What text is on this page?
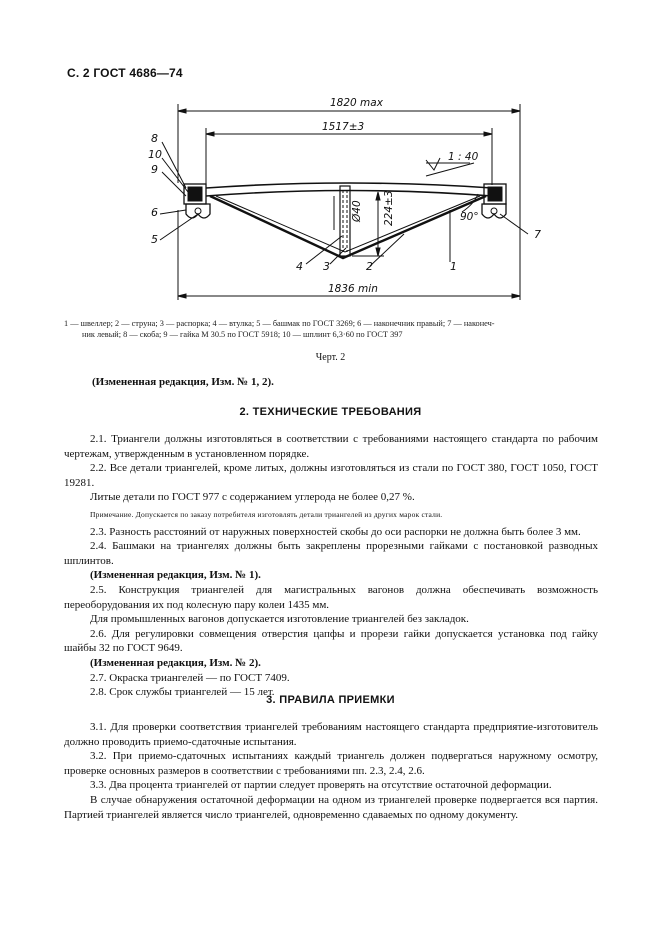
С. 2 ГОСТ 4686—74
1820 max
1517±3
1836 min
1 : 40
Ø40 224±3	90°
8
10
9
6
5
4 3	2	1
7
1 — швеллер; 2 — струна; 3 — распорка; 4 — втулка; 5 — башмак по ГОСТ 3269; 6 — наконечник правый; 7 — наконеч-
ник левый; 8 — скоба; 9 — гайка М 30.5 по ГОСТ 5918; 10 — шплинт 6,3·60 по ГОСТ 397
Черт. 2
(Измененная редакция, Изм. № 1, 2).
2. ТЕХНИЧЕСКИЕ ТРЕБОВАНИЯ

2.1. Триангели должны изготовляться в соответствии с требованиями настоящего стандарта по рабочим чертежам, утвержденным в установленном порядке.

2.2. Все детали триангелей, кроме литых, должны изготовляться из стали по ГОСТ 380, ГОСТ 1050, ГОСТ 19281.

Литые детали по ГОСТ 977 с содержанием углерода не более 0,27 %.

Примечание. Допускается по заказу потребителя изготовлять детали триангелей из других марок стали.

2.3. Разность расстояний от наружных поверхностей скобы до оси распорки не должна быть более 3 мм.

2.4. Башмаки на триангелях должны быть закреплены прорезными гайками с постановкой разводных шплинтов.

(Измененная редакция, Изм. № 1).

2.5. Конструкция триангелей для магистральных вагонов должна обеспечивать возможность переоборудования их под колесную пару колеи 1435 мм.

Для промышленных вагонов допускается изготовление триангелей без закладок.

2.6. Для регулировки совмещения отверстия цапфы и прорези гайки допускается установка под гайку шайбы 32 по ГОСТ 9649.

(Измененная редакция, Изм. № 2).

2.7. Окраска триангелей — по ГОСТ 7409.

2.8. Срок службы триангелей — 15 лет.

3. ПРАВИЛА ПРИЕМКИ

3.1. Для проверки соответствия триангелей требованиям настоящего стандарта предприятие-изготовитель должно проводить приемо-сдаточные испытания.

3.2. При приемо-сдаточных испытаниях каждый триангель должен подвергаться наружному осмотру, проверке основных размеров в соответствии с требованиями пп. 2.3, 2.4, 2.6.

3.3. Два процента триангелей от партии следует проверять на отсутствие остаточной деформации.

В случае обнаружения остаточной деформации на одном из триангелей проверке подвергается вся партия. Партией триангелей является число триангелей, одновременно сдаваемых по одному документу.
